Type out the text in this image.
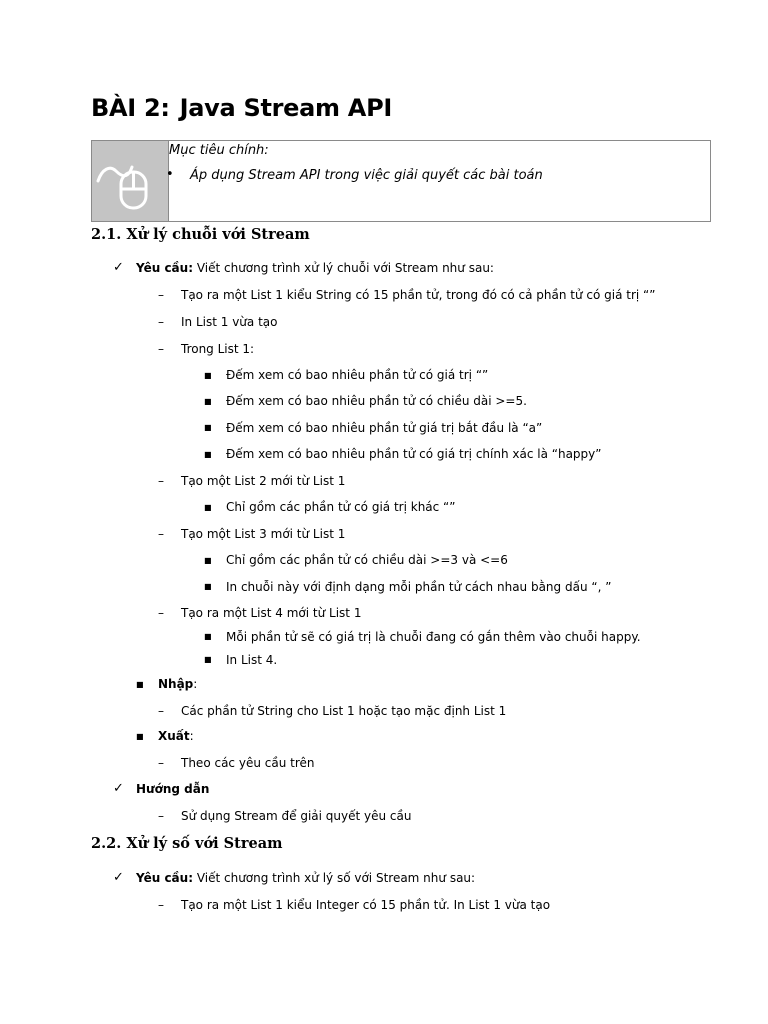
BÀI 2: Java Stream API
Mục tiêu chính:
• Áp dụng Stream API trong việc giải quyết các bài toán
2.1. Xử lý chuỗi với Stream
✓ Yêu cầu: Viết chương trình xử lý chuỗi với Stream như sau:
– Tạo ra một List 1 kiểu String có 15 phần tử, trong đó có cả phần tử có giá trị “”
– In List 1 vừa tạo
– Trong List 1:
■ Đếm xem có bao nhiêu phần tử có giá trị “”
■ Đếm xem có bao nhiêu phần tử có chiều dài >=5.
■ Đếm xem có bao nhiêu phần tử giá trị bắt đầu là “a”
■ Đếm xem có bao nhiêu phần tử có giá trị chính xác là “happy”
– Tạo một List 2 mới từ List 1
■ Chỉ gồm các phần tử có giá trị khác “”
– Tạo một List 3 mới từ List 1
■ Chỉ gồm các phần tử có chiều dài >=3 và <=6
■ In chuỗi này với định dạng mỗi phần tử cách nhau bằng dấu “, ”
– Tạo ra một List 4 mới từ List 1
■ Mỗi phần tử sẽ có giá trị là chuỗi đang có gắn thêm vào chuỗi happy.
■ In List 4.
■ Nhập:
– Các phần tử String cho List 1 hoặc tạo mặc định List 1
■ Xuất:
– Theo các yêu cầu trên
✓ Hướng dẫn
– Sử dụng Stream để giải quyết yêu cầu
2.2. Xử lý số với Stream
✓ Yêu cầu: Viết chương trình xử lý số với Stream như sau:
– Tạo ra một List 1 kiểu Integer có 15 phần tử. In List 1 vừa tạo
